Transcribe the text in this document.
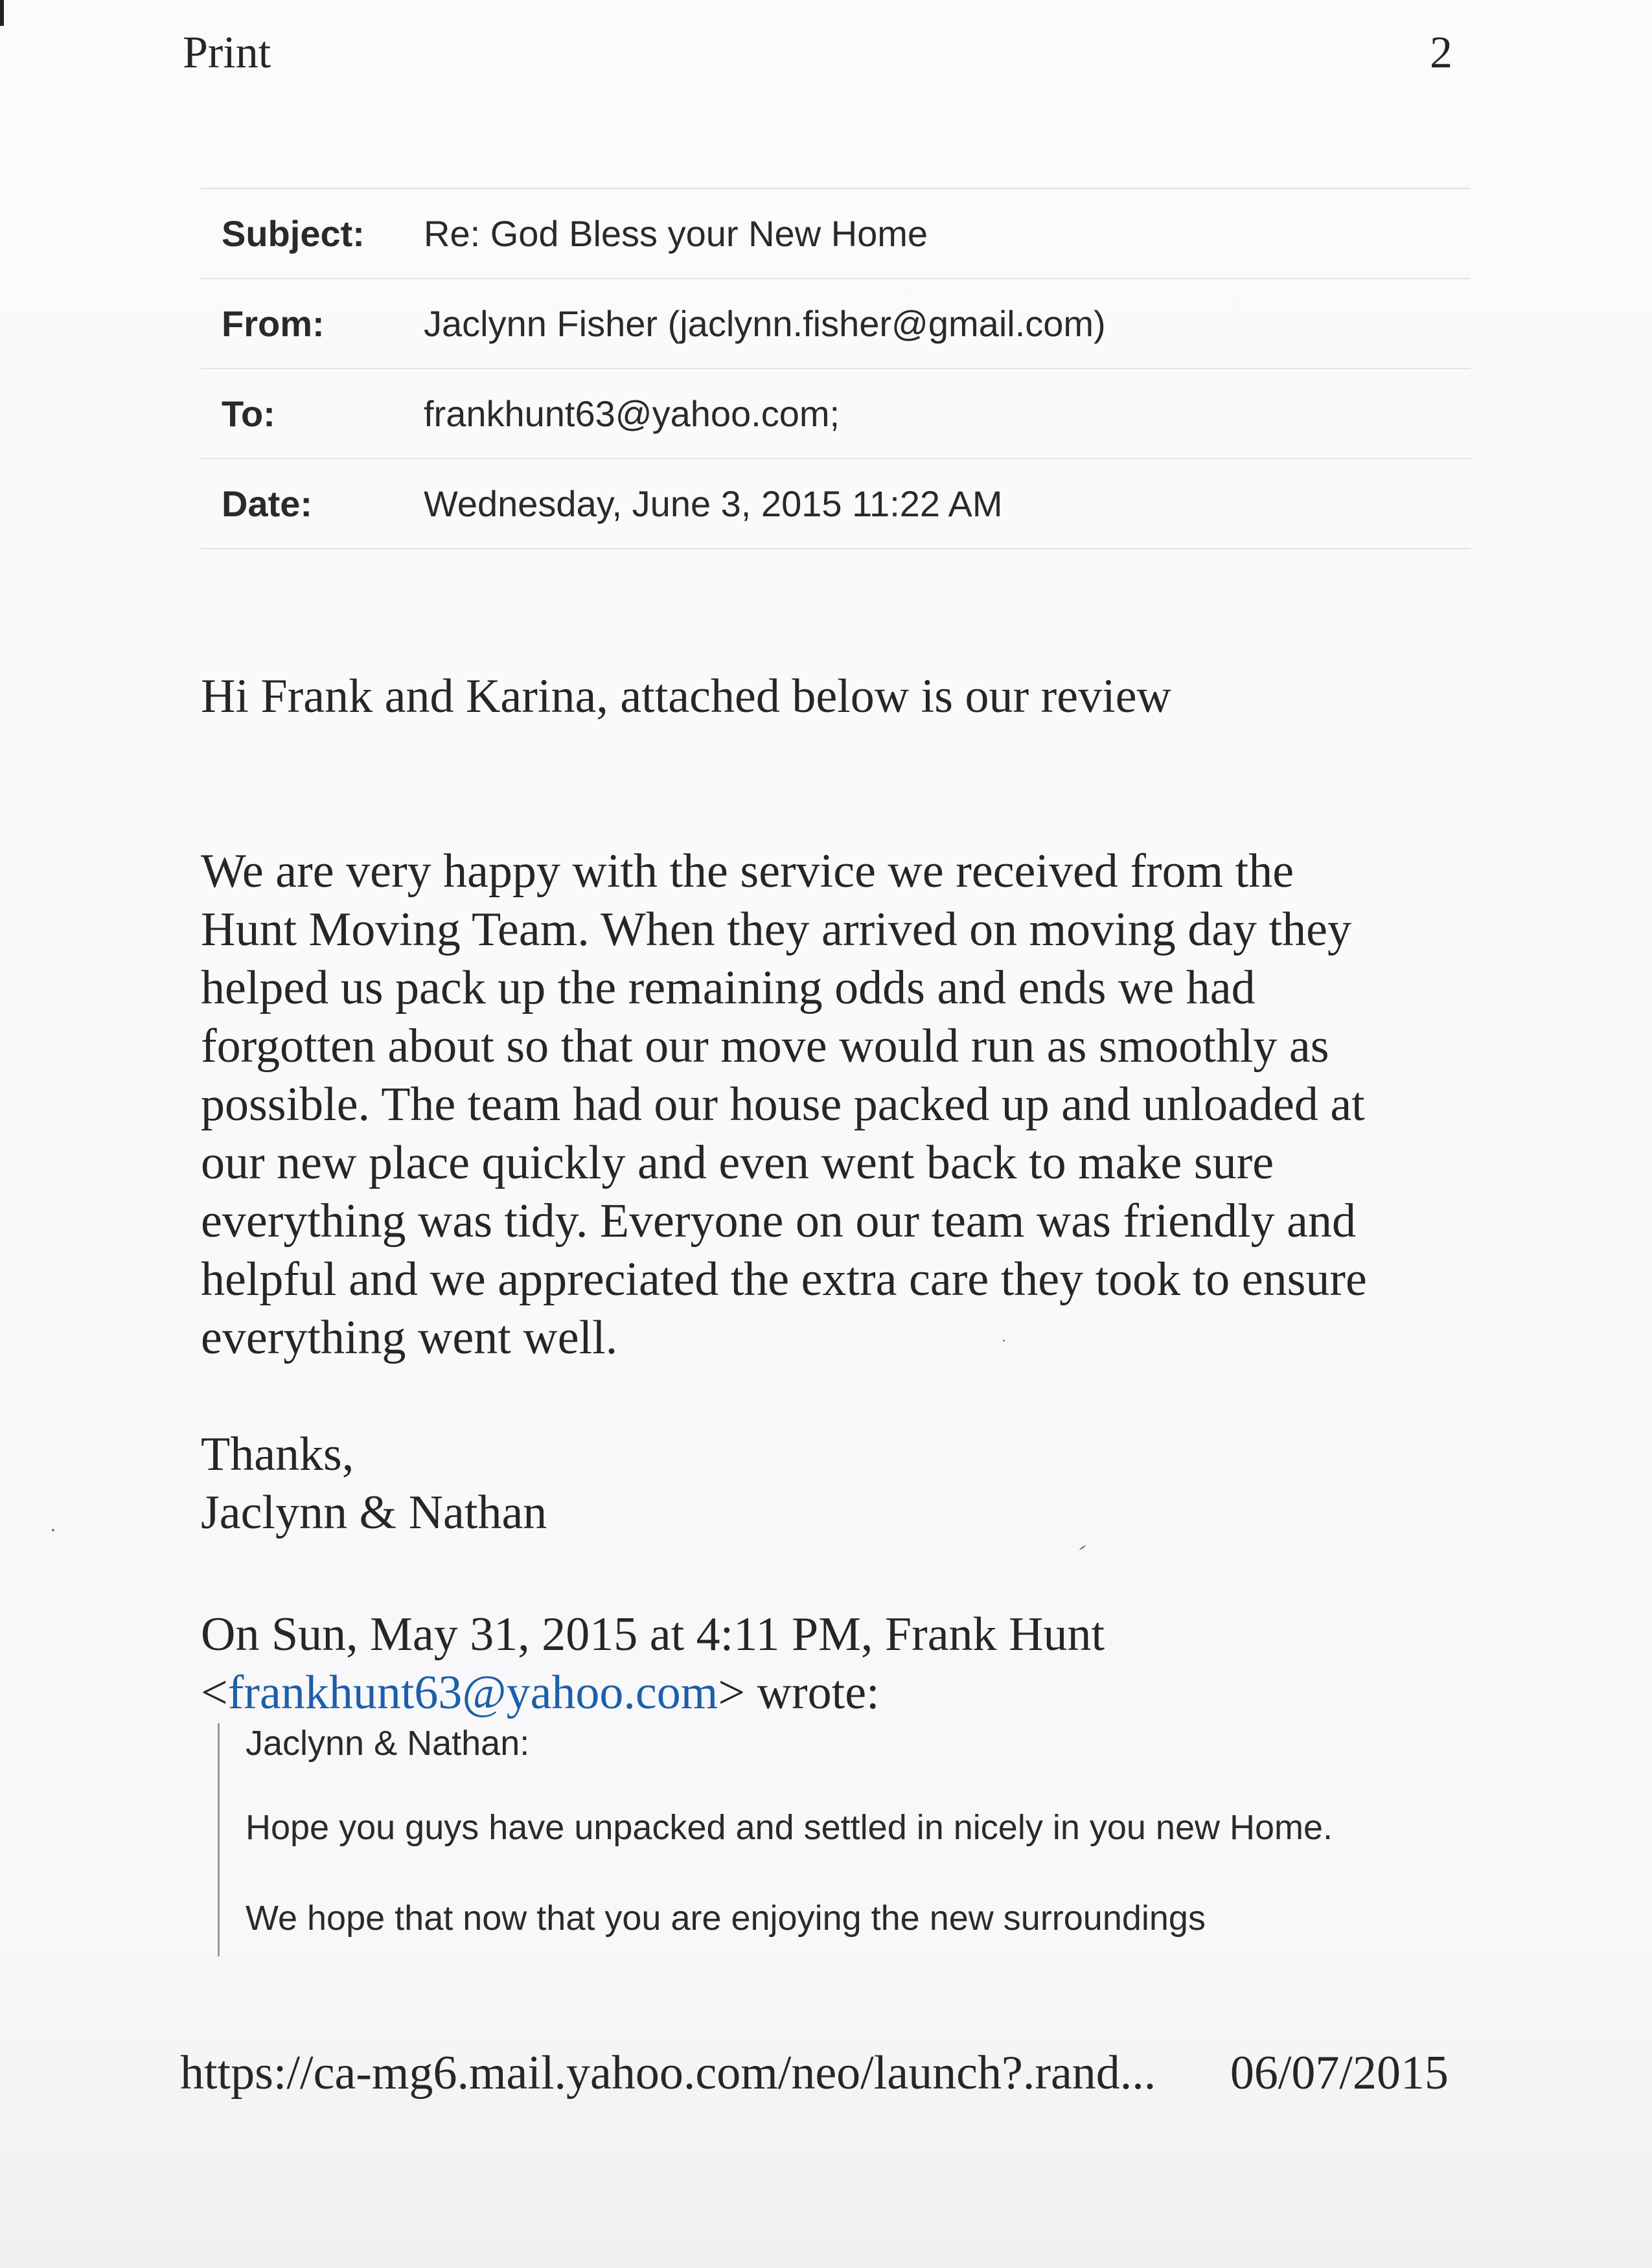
Print	2
Subject: Re: God Bless your New Home
From:	Jaclynn Fisher (jaclynn.fisher@gmail.com)
To:	frankhunt63@yahoo.com;
Date:	Wednesday, June 3, 2015 11:22 AM
Hi Frank and Karina, attached below is our review
We are very happy with the service we received from the
Hunt Moving Team. When they arrived on moving day they
helped us pack up the remaining odds and ends we had
forgotten about so that our move would run as smoothly as
possible. The team had our house packed up and unloaded at
our new place quickly and even went back to make sure
everything was tidy. Everyone on our team was friendly and
helpful and we appreciated the extra care they took to ensure
everything went well.
Thanks,
Jaclynn & Nathan
On Sun, May 31, 2015 at 4:11 PM, Frank Hunt
<frankhunt63@yahoo.com> wrote:
Jaclynn & Nathan:
Hope you guys have unpacked and settled in nicely in you new Home.
We hope that now that you are enjoying the new surroundings
https://ca-mg6.mail.yahoo.com/neo/launch?.rand... 06/07/2015
